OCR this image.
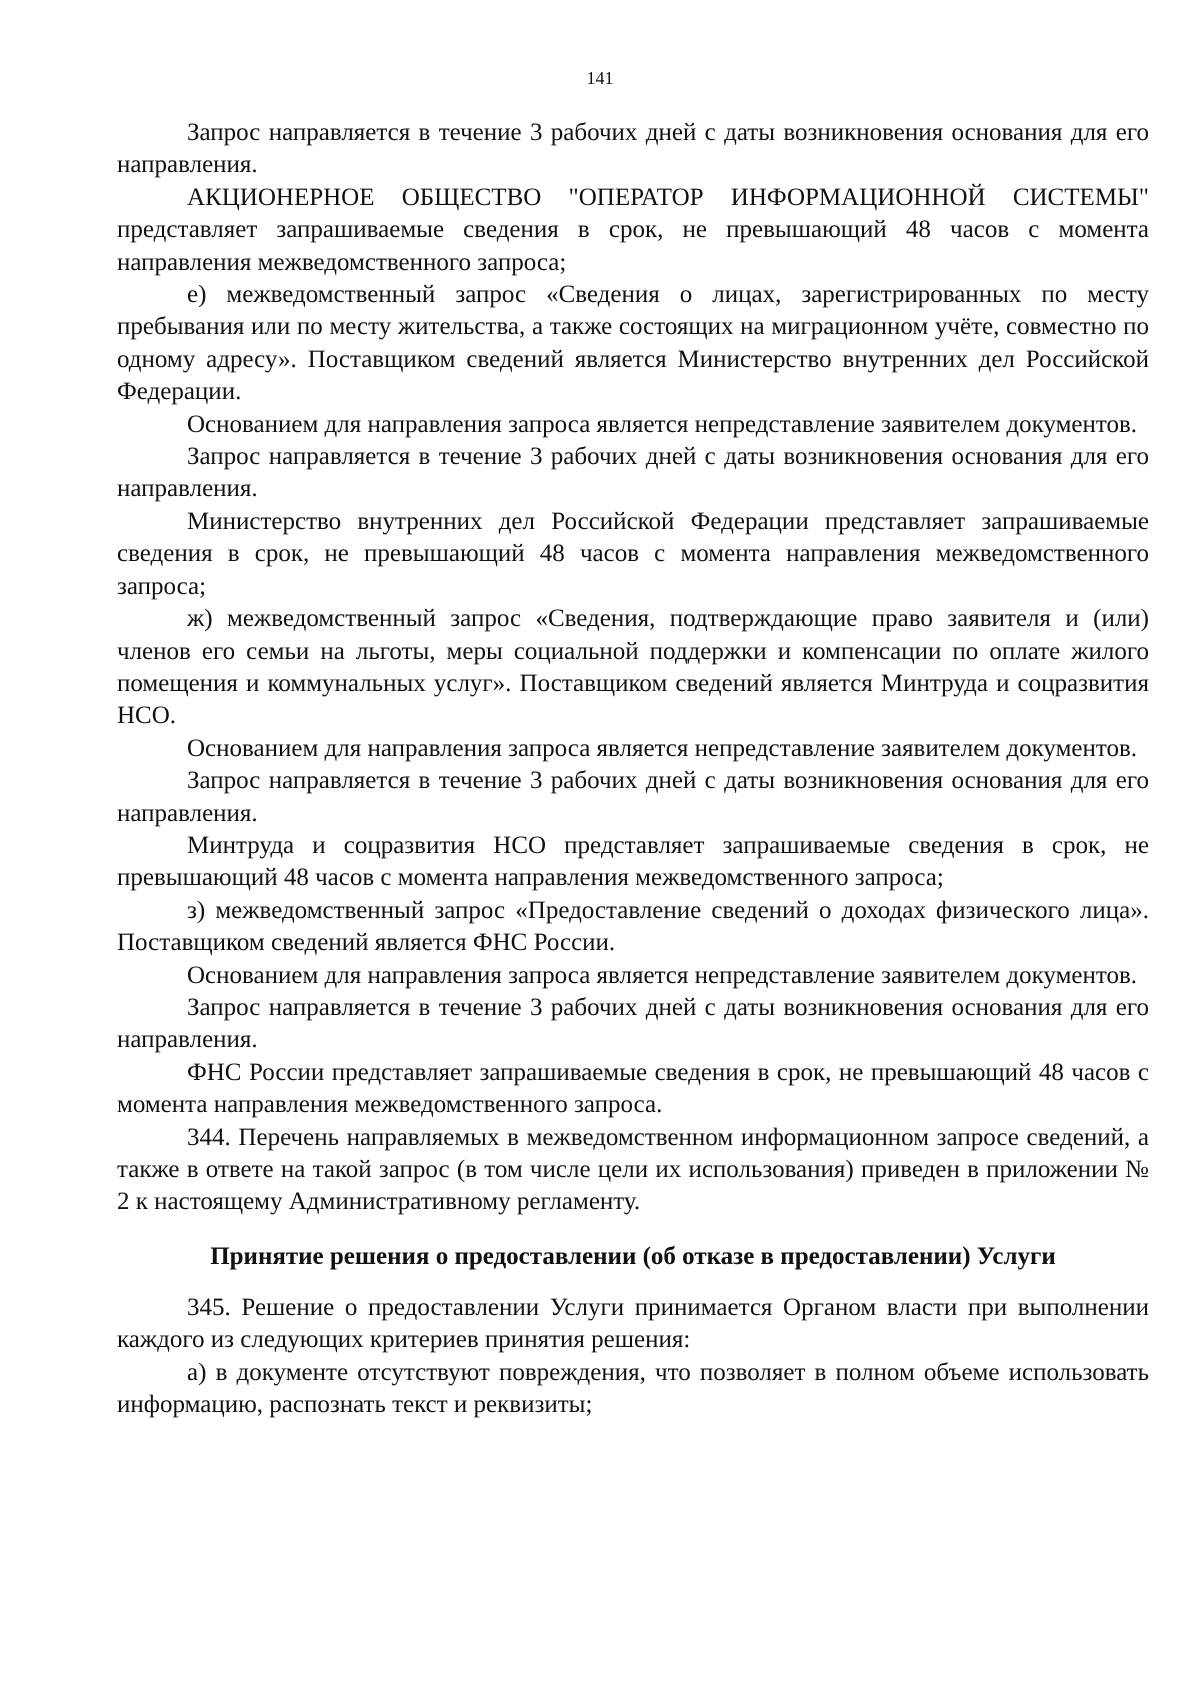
141

Запрос направляется в течение 3 рабочих дней с даты возникновения основания для его направления.

АКЦИОНЕРНОЕ ОБЩЕСТВО "ОПЕРАТОР ИНФОРМАЦИОННОЙ СИСТЕМЫ" представляет запрашиваемые сведения в срок, не превышающий 48 часов с момента направления межведомственного запроса;

е) межведомственный запрос «Сведения о лицах, зарегистрированных по месту пребывания или по месту жительства, а также состоящих на миграционном учёте, совместно по одному адресу». Поставщиком сведений является Министерство внутренних дел Российской Федерации.

Основанием для направления запроса является непредставление заявителем документов.

Запрос направляется в течение 3 рабочих дней с даты возникновения основания для его направления.

Министерство внутренних дел Российской Федерации представляет запрашиваемые сведения в срок, не превышающий 48 часов с момента направления межведомственного запроса;

ж) межведомственный запрос «Сведения, подтверждающие право заявителя и (или) членов его семьи на льготы, меры социальной поддержки и компенсации по оплате жилого помещения и коммунальных услуг». Поставщиком сведений является Минтруда и соцразвития НСО.

Основанием для направления запроса является непредставление заявителем документов.

Запрос направляется в течение 3 рабочих дней с даты возникновения основания для его направления.

Минтруда и соцразвития НСО представляет запрашиваемые сведения в срок, не превышающий 48 часов с момента направления межведомственного запроса;

з) межведомственный запрос «Предоставление сведений о доходах физического лица». Поставщиком сведений является ФНС России.

Основанием для направления запроса является непредставление заявителем документов.

Запрос направляется в течение 3 рабочих дней с даты возникновения основания для его направления.

ФНС России представляет запрашиваемые сведения в срок, не превышающий 48 часов с момента направления межведомственного запроса.

344. Перечень направляемых в межведомственном информационном запросе сведений, а также в ответе на такой запрос (в том числе цели их использования) приведен в приложении № 2 к настоящему Административному регламенту.

Принятие решения о предоставлении (об отказе в предоставлении) Услуги

345. Решение о предоставлении Услуги принимается Органом власти при выполнении каждого из следующих критериев принятия решения:

а) в документе отсутствуют повреждения, что позволяет в полном объеме использовать информацию, распознать текст и реквизиты;
